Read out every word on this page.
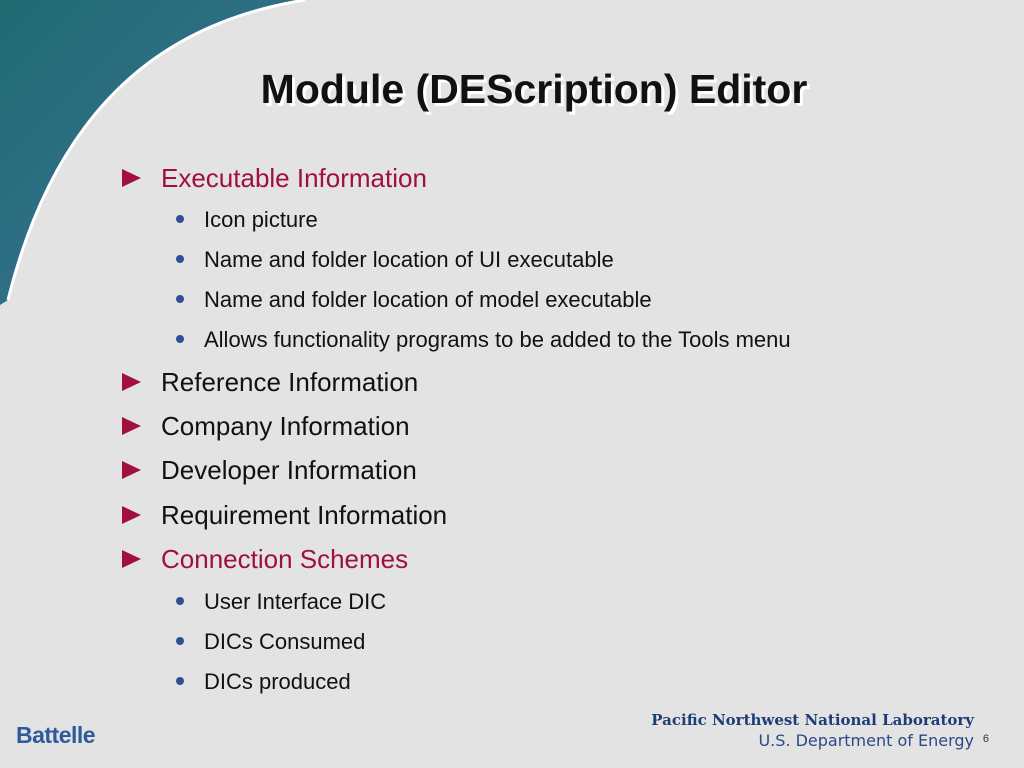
Module (DEScription) Editor
Executable Information
Icon picture
Name and folder location of UI executable
Name and folder location of model executable
Allows functionality programs to be added to the Tools menu
Reference Information
Company Information
Developer Information
Requirement Information
Connection Schemes
User Interface DIC
DICs Consumed
DICs produced
Battelle
Pacific Northwest National Laboratory
U.S. Department of Energy 6
